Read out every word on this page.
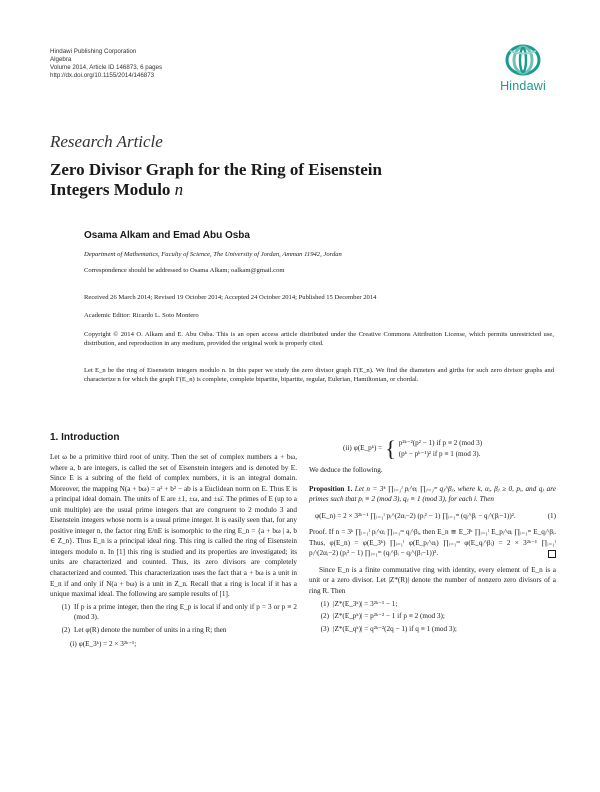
Hindawi Publishing Corporation
Algebra
Volume 2014, Article ID 146873, 6 pages
http://dx.doi.org/10.1155/2014/146873
Hindawi
Research Article
Zero Divisor Graph for the Ring of Eisenstein
Integers Modulo n
Osama Alkam and Emad Abu Osba
Department of Mathematics, Faculty of Science, The University of Jordan, Amman 11942, Jordan
Correspondence should be addressed to Osama Alkam; oalkam@gmail.com
Received 26 March 2014; Revised 19 October 2014; Accepted 24 October 2014; Published 15 December 2014
Academic Editor: Ricardo L. Soto Montero
Copyright © 2014 O. Alkam and E. Abu Osba. This is an open access article distributed under the Creative Commons Attribution License, which permits unrestricted use, distribution, and reproduction in any medium, provided the original work is properly cited.
Let E_n be the ring of Eisenstein integers modulo n. In this paper we study the zero divisor graph Γ(E_n). We find the diameters and girths for such zero divisor graphs and characterize n for which the graph Γ(E_n) is complete, complete bipartite, bipartite, regular, Eulerian, Hamiltonian, or chordal.
1. Introduction

Let ω be a primitive third root of unity. Then the set of complex numbers a + bω, where a, b are integers, is called the set of Eisenstein integers and is denoted by E. Since E is a subring of the field of complex numbers, it is an integral domain. Moreover, the mapping N(a + bω) = a² + b² − ab is a Euclidean norm on E. Thus E is a principal ideal domain. The units of E are ±1, ±ω, and ±ω̄. The primes of E (up to a unit multiple) are the usual prime integers that are congruent to 2 modulo 3 and Eisenstein integers whose norm is a usual prime integer. It is easily seen that, for any positive integer n, the factor ring E/nE is isomorphic to the ring E_n = {a + bω | a, b ∈ Z_n}. Thus E_n is a principal ideal ring. This ring is called the ring of Eisenstein integers modulo n. In [1] this ring is studied and its properties are investigated; its units are characterized and counted. Thus, its zero divisors are completely characterized and counted. This characterization uses the fact that a + bω is a unit in E_n if and only if N(a + bω) is a unit in Z_n. Recall that a ring is local if it has a unique maximal ideal. The following are sample results of [1].

(1) If p is a prime integer, then the ring E_p is local if and only if p = 3 or p ≡ 2 (mod 3).
(2) Let φ(R) denote the number of units in a ring R; then
(i) φ(E_3ᵏ) = 2 × 3²ᵏ⁻¹;
(ii) φ(E_pᵏ) = { p²ᵏ⁻²(p² − 1) if p ≡ 2 (mod 3)
(pᵏ − pᵏ⁻¹)² if p ≡ 1 (mod 3).

We deduce the following.

Proposition 1. Let n = 3ᵏ ∏ᵢ₌₁ˡ pᵢ^αᵢ ∏ⱼ₌₁ᵐ qⱼ^βⱼ, where k, αᵢ, βⱼ ≥ 0, pᵢ, and qⱼ are primes such that pᵢ ≡ 2 (mod 3), qⱼ ≡ 1 (mod 3), for each i. Then

φ(E_n) = 2 × 3²ᵏ⁻¹ ∏ᵢ₌₁ˡ pᵢ^(2αᵢ−2) (pᵢ² − 1) ∏ᵢ₌₁ᵐ (qᵢ^βᵢ − qᵢ^(βᵢ−1))².	(1)

Proof. If n = 3ᵏ ∏ᵢ₌₁ˡ pᵢ^αᵢ ∏ᵢ₌₁ᵐ qᵢ^βᵢ, then E_n ≅ E_3ᵏ ∏ᵢ₌₁ˡ E_pᵢ^αᵢ ∏ᵢ₌₁ᵐ E_qᵢ^βᵢ. Thus, φ(E_n) = φ(E_3ᵏ) ∏ᵢ₌₁ˡ φ(E_pᵢ^αᵢ) ∏ᵢ₌₁ᵐ φ(E_qᵢ^βᵢ) = 2 × 3²ᵏ⁻¹ ∏ᵢ₌₁ˡ pᵢ^(2αᵢ−2) (pᵢ² − 1) ∏ᵢ₌₁ᵐ (qᵢ^βᵢ − qᵢ^(βᵢ−1))².

Since E_n is a finite commutative ring with identity, every element of E_n is a unit or a zero divisor. Let |Z*(R)| denote the number of nonzero zero divisors of a ring R. Then

(1) |Z*(E_3ᵏ)| = 3²ᵏ⁻¹ − 1;
(2) |Z*(E_pᵏ)| = p²ᵏ⁻² − 1 if p ≡ 2 (mod 3);
(3) |Z*(E_qᵏ)| = q²ᵏ⁻²(2q − 1) if q ≡ 1 (mod 3);
